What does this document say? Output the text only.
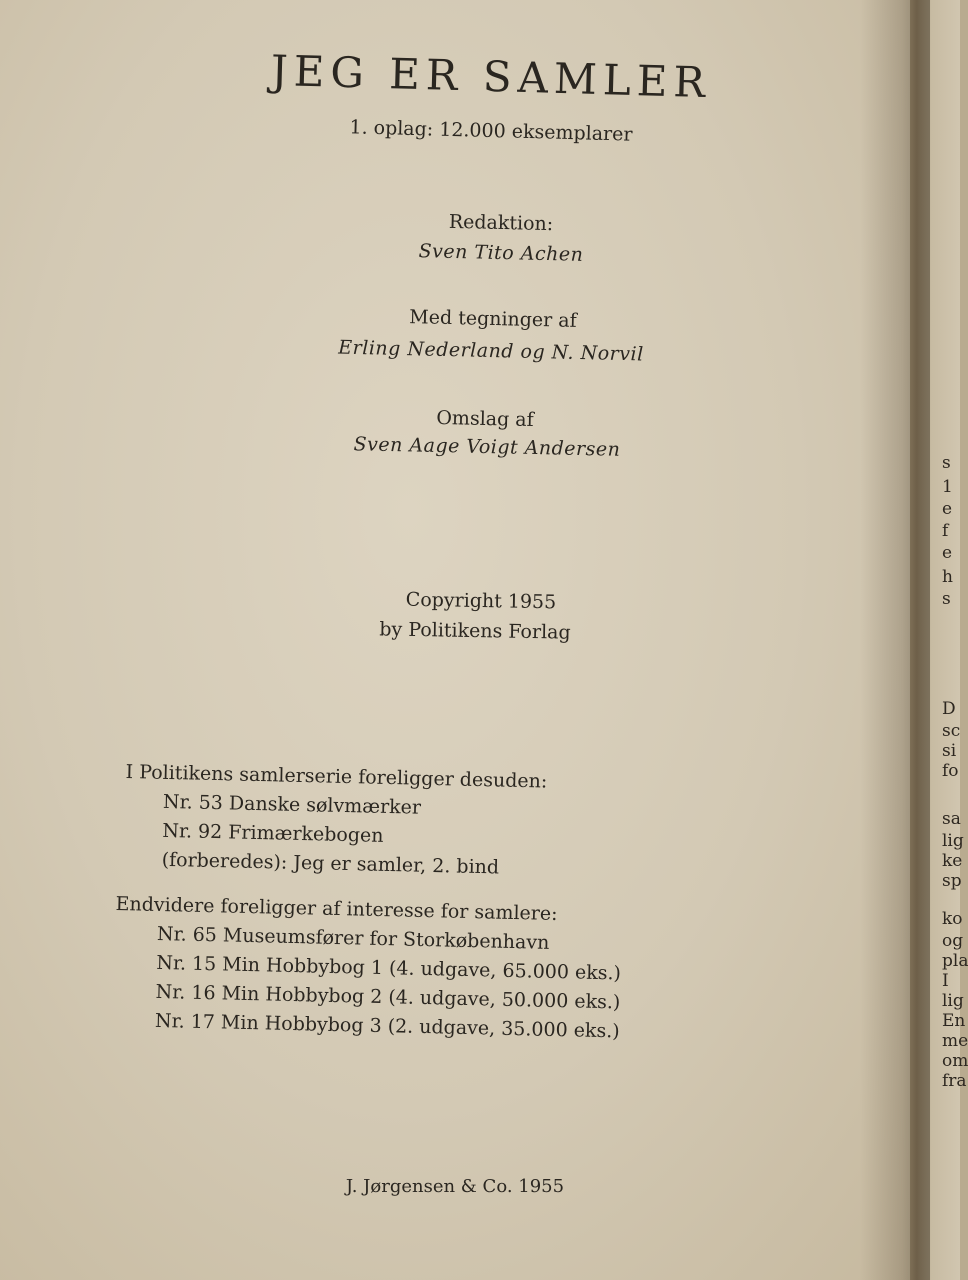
JEG ER SAMLER
1. oplag: 12.000 eksemplarer
Redaktion:
Sven Tito Achen
Med tegninger af
Erling Nederland og N. Norvil
Omslag af
Sven Aage Voigt Andersen
Copyright 1955
by Politikens Forlag
I Politikens samlerserie foreligger desuden:
Nr. 53 Danske sølvmærker
Nr. 92 Frimærkebogen
(forberedes): Jeg er samler, 2. bind
Endvidere foreligger af interesse for samlere:
Nr. 65 Museumsfører for Storkøbenhavn
Nr. 15 Min Hobbybog 1 (4. udgave, 65.000 eks.)
Nr. 16 Min Hobbybog 2 (4. udgave, 50.000 eks.)
Nr. 17 Min Hobbybog 3 (2. udgave, 35.000 eks.)
J. Jørgensen & Co. 1955
s
1
e
f
e
h
s
D
sc
si
fo
sa
lig
ke
sp
ko
og
pla
I
lig
En
me
om
fra
